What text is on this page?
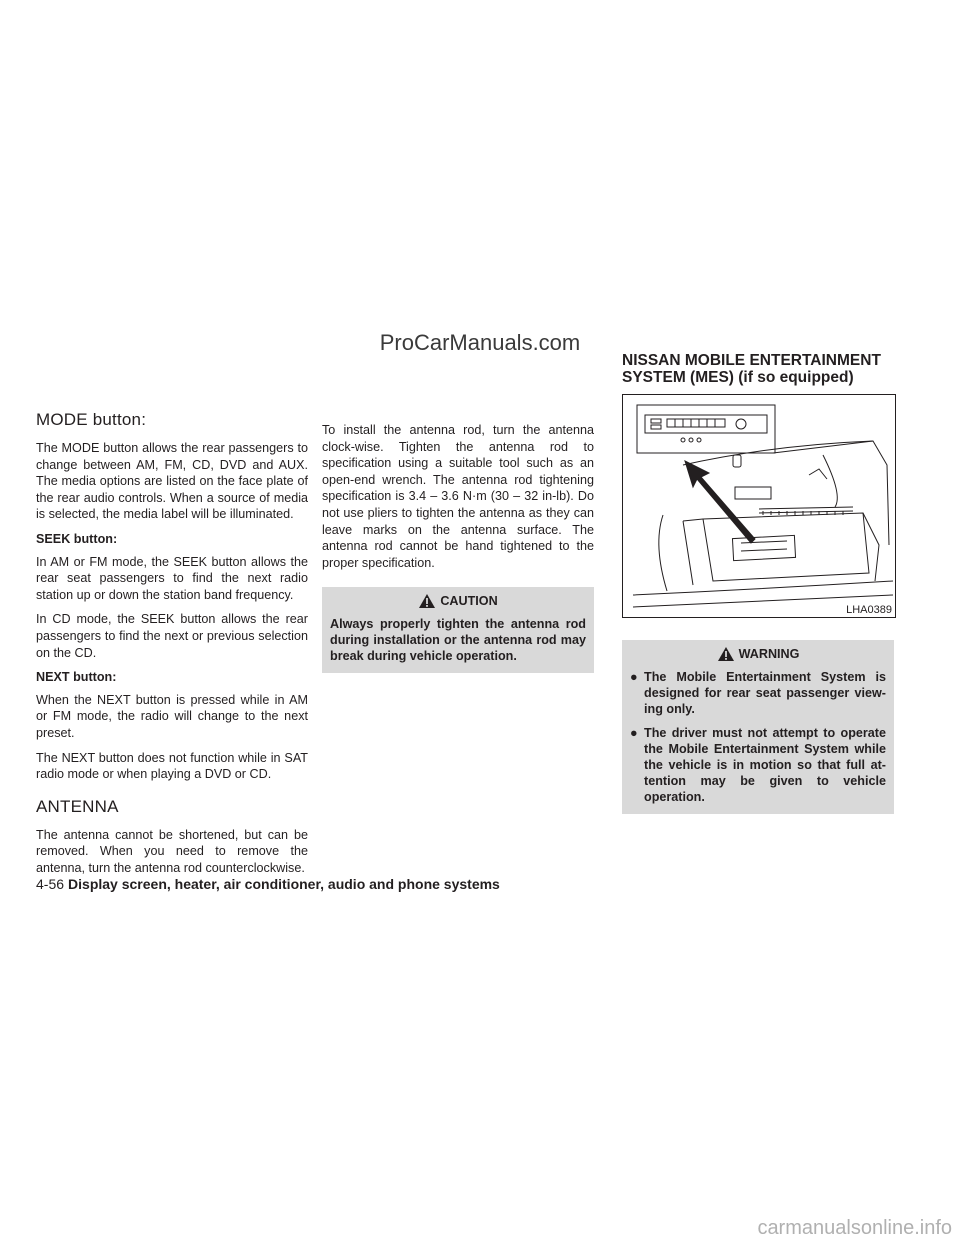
ProCarManuals.com
MODE button:

The MODE button allows the rear passengers to change between AM, FM, CD, DVD and AUX. The media options are listed on the face plate of the rear audio controls. When a source of media is selected, the media label will be illuminated.

SEEK button:

In AM or FM mode, the SEEK button allows the rear seat passengers to find the next radio station up or down the station band frequency.

In CD mode, the SEEK button allows the rear passengers to find the next or previous selection on the CD.

NEXT button:

When the NEXT button is pressed while in AM or FM mode, the radio will change to the next preset.

The NEXT button does not function while in SAT radio mode or when playing a DVD or CD.

ANTENNA

The antenna cannot be shortened, but can be removed. When you need to remove the antenna, turn the antenna rod counterclockwise.

To install the antenna rod, turn the antenna clock-wise. Tighten the antenna rod to specification using a suitable tool such as an open-end wrench. The antenna rod tightening specification is 3.4 – 3.6 N·m (30 – 32 in-lb). Do not use pliers to tighten the antenna as they can leave marks on the antenna surface. The antenna rod cannot be hand tightened to the proper specification.

CAUTION

Always properly tighten the antenna rod during installation or the antenna rod may break during vehicle operation.

NISSAN MOBILE ENTERTAINMENT
SYSTEM (MES) (if so equipped)
LHA0389
WARNING
● The Mobile Entertainment System is designed for rear seat passenger view-ing only.

● The driver must not attempt to operate the Mobile Entertainment System while the vehicle is in motion so that full at-tention may be given to vehicle operation.

4-56 Display screen, heater, air conditioner, audio and phone systems
carmanualsonline.info
